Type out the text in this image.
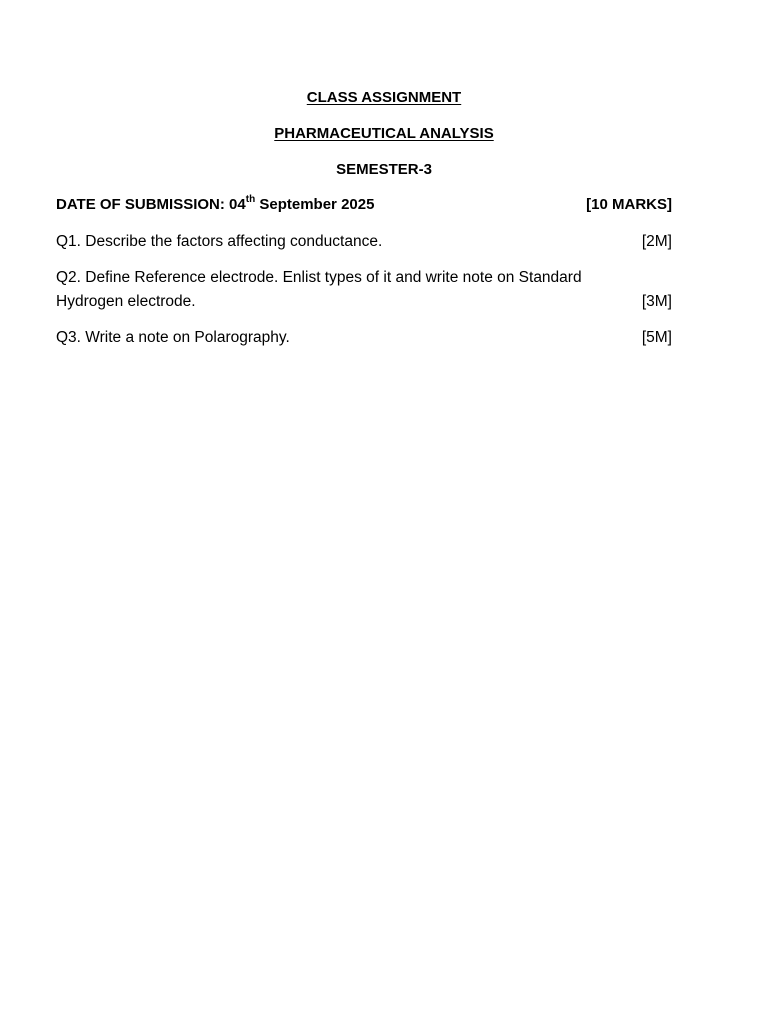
CLASS ASSIGNMENT
PHARMACEUTICAL ANALYSIS
SEMESTER-3
DATE OF SUBMISSION: 04th September 2025	[10 MARKS]
Q1. Describe the factors affecting conductance.	[2M]
Q2. Define Reference electrode. Enlist types of it and write note on Standard
Hydrogen electrode.	[3M]
Q3. Write a note on Polarography.	[5M]
